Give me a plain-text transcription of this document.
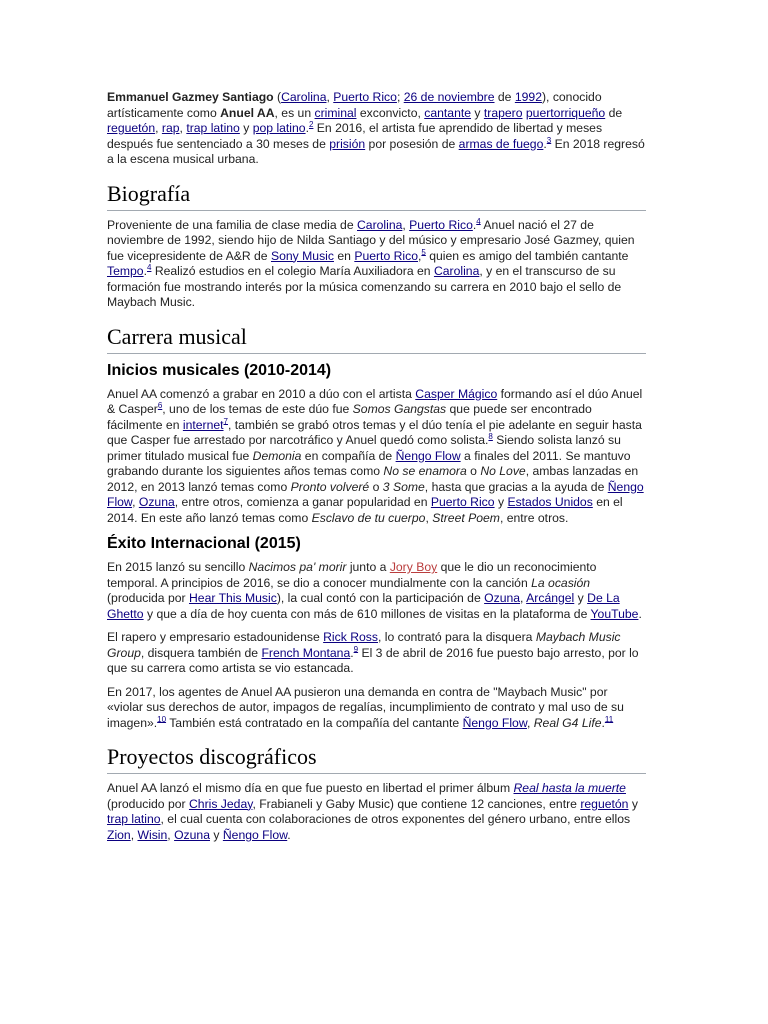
Emmanuel Gazmey Santiago (Carolina, Puerto Rico; 26 de noviembre de 1992), conocido artísticamente como Anuel AA, es un criminal exconvicto, cantante y trapero puertorriqueño de reguetón, rap, trap latino y pop latino.$^2$ En 2016, el artista fue aprendido de libertad y meses después fue sentenciado a 30 meses de prisión por posesión de armas de fuego.$^3$ En 2018 regresó a la escena musical urbana.

Biografía

Proveniente de una familia de clase media de Carolina, Puerto Rico.$^4$ Anuel nació el 27 de noviembre de 1992, siendo hijo de Nilda Santiago y del músico y empresario José Gazmey, quien fue vicepresidente de A&R de Sony Music en Puerto Rico,$^5$ quien es amigo del también cantante Tempo.$^4$ Realizó estudios en el colegio María Auxiliadora en Carolina, y en el transcurso de su formación fue mostrando interés por la música comenzando su carrera en 2010 bajo el sello de Maybach Music.

Carrera musical
Inicios musicales (2010-2014)

Anuel AA comenzó a grabar en 2010 a dúo con el artista Casper Mágico formando así el dúo Anuel & Casper$^6$, uno de los temas de este dúo fue Somos Gangstas que puede ser encontrado fácilmente en internet$^7$, también se grabó otros temas y el dúo tenía el pie adelante en seguir hasta que Casper fue arrestado por narcotráfico y Anuel quedó como solista.$^8$ Siendo solista lanzó su primer titulado musical fue Demonia en compañía de Ñengo Flow a finales del 2011. Se mantuvo grabando durante los siguientes años temas como No se enamora o No Love, ambas lanzadas en 2012, en 2013 lanzó temas como Pronto volveré o 3 Some, hasta que gracias a la ayuda de Ñengo Flow, Ozuna, entre otros, comienza a ganar popularidad en Puerto Rico y Estados Unidos en el 2014. En este año lanzó temas como Esclavo de tu cuerpo, Street Poem, entre otros.

Éxito Internacional (2015)

En 2015 lanzó su sencillo Nacimos pa' morir junto a Jory Boy que le dio un reconocimiento temporal. A principios de 2016, se dio a conocer mundialmente con la canción La ocasión (producida por Hear This Music), la cual contó con la participación de Ozuna, Arcángel y De La Ghetto y que a día de hoy cuenta con más de 610 millones de visitas en la plataforma de YouTube.

El rapero y empresario estadounidense Rick Ross, lo contrató para la disquera Maybach Music Group, disquera también de French Montana.$^9$ El 3 de abril de 2016 fue puesto bajo arresto, por lo que su carrera como artista se vio estancada.

En 2017, los agentes de Anuel AA pusieron una demanda en contra de "Maybach Music" por «violar sus derechos de autor, impagos de regalías, incumplimiento de contrato y mal uso de su imagen».$^{10}$ También está contratado en la compañía del cantante Ñengo Flow, Real G4 Life.$^{11}$

Proyectos discográficos

Anuel AA lanzó el mismo día en que fue puesto en libertad el primer álbum Real hasta la muerte (producido por Chris Jeday, Frabianeli y Gaby Music) que contiene 12 canciones, entre reguetón y trap latino, el cual cuenta con colaboraciones de otros exponentes del género urbano, entre ellos Zion, Wisin, Ozuna y Ñengo Flow.
